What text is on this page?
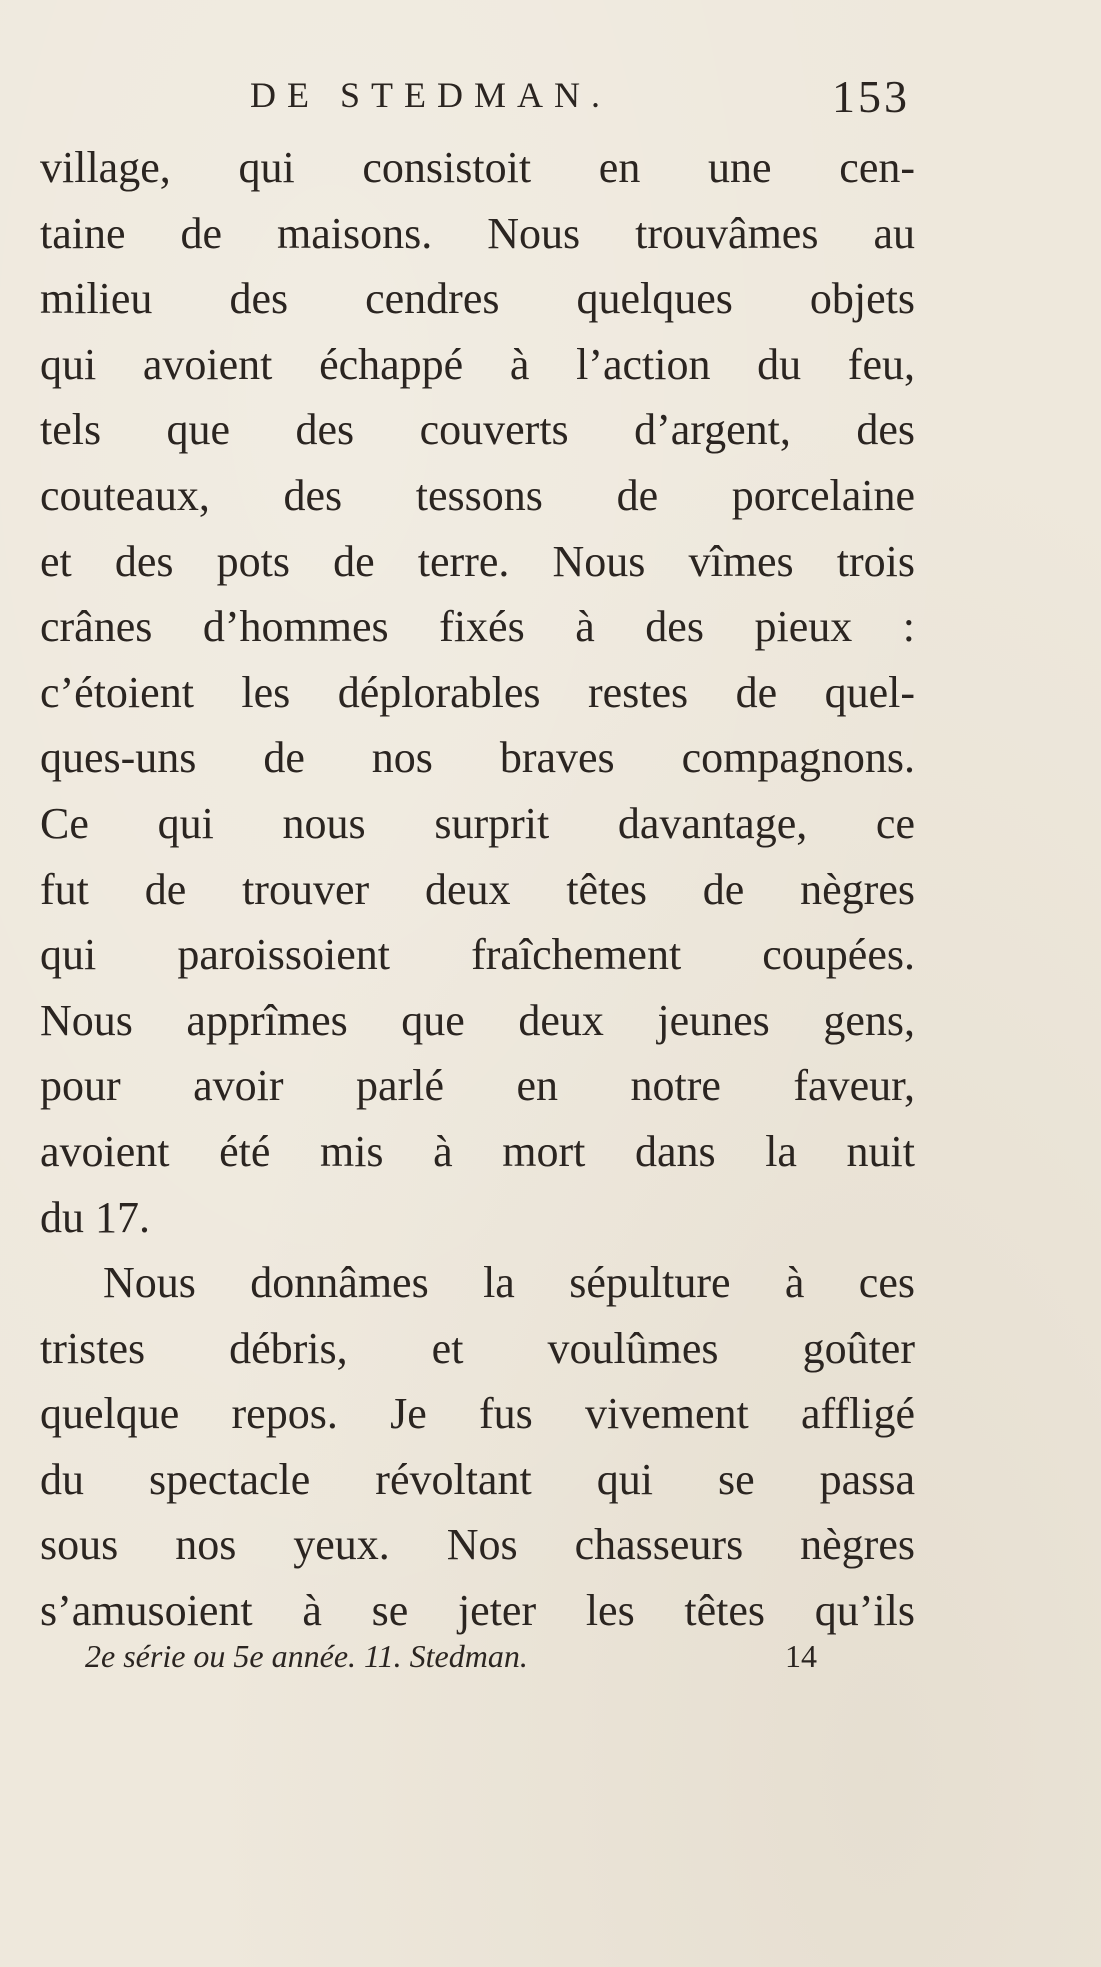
DE STEDMAN.	153
village, qui consistoit en une cen-
taine de maisons. Nous trouvâmes au
milieu des cendres quelques objets
qui avoient échappé à l’action du feu,
tels que des couverts d’argent, des
couteaux, des tessons de porcelaine
et des pots de terre. Nous vîmes trois
crânes d’hommes fixés à des pieux :
c’étoient les déplorables restes de quel-
ques-uns de nos braves compagnons.
Ce qui nous surprit davantage, ce
fut de trouver deux têtes de nègres
qui paroissoient fraîchement coupées.
Nous apprîmes que deux jeunes gens,
pour avoir parlé en notre faveur,
avoient été mis à mort dans la nuit
du 17.
Nous donnâmes la sépulture à ces
tristes débris, et voulûmes goûter
quelque repos. Je fus vivement affligé
du spectacle révoltant qui se passa
sous nos yeux. Nos chasseurs nègres
s’amusoient à se jeter les têtes qu’ils
2e série ou 5e année. 11. Stedman.	14
